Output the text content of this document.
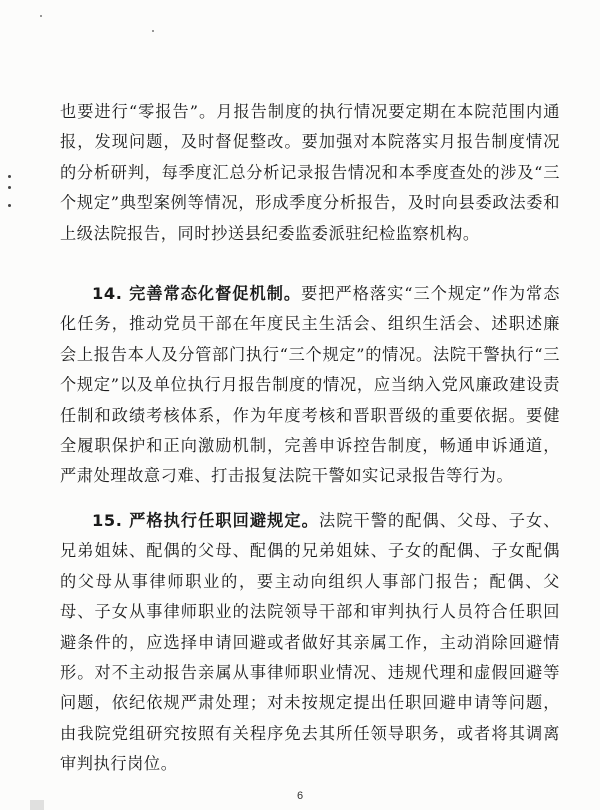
也要进行“零报告”。月报告制度的执行情况要定期在本院范围内通报，发现问题，及时督促整改。要加强对本院落实月报告制度情况的分析研判，每季度汇总分析记录报告情况和本季度查处的涉及“三个规定”典型案例等情况，形成季度分析报告，及时向县委政法委和上级法院报告，同时抄送县纪委监委派驻纪检监察机构。

14. 完善常态化督促机制。要把严格落实“三个规定”作为常态化任务，推动党员干部在年度民主生活会、组织生活会、述职述廉会上报告本人及分管部门执行“三个规定”的情况。法院干警执行“三个规定”以及单位执行月报告制度的情况，应当纳入党风廉政建设责任制和政绩考核体系，作为年度考核和晋职晋级的重要依据。要健全履职保护和正向激励机制，完善申诉控告制度，畅通申诉通道，严肃处理故意刁难、打击报复法院干警如实记录报告等行为。

15. 严格执行任职回避规定。法院干警的配偶、父母、子女、兄弟姐妹、配偶的父母、配偶的兄弟姐妹、子女的配偶、子女配偶的父母从事律师职业的，要主动向组织人事部门报告；配偶、父母、子女从事律师职业的法院领导干部和审判执行人员符合任职回避条件的，应选择申请回避或者做好其亲属工作，主动消除回避情形。对不主动报告亲属从事律师职业情况、违规代理和虚假回避等问题，依纪依规严肃处理；对未按规定提出任职回避申请等问题，由我院党组研究按照有关程序免去其所任领导职务，或者将其调离审判执行岗位。

6
